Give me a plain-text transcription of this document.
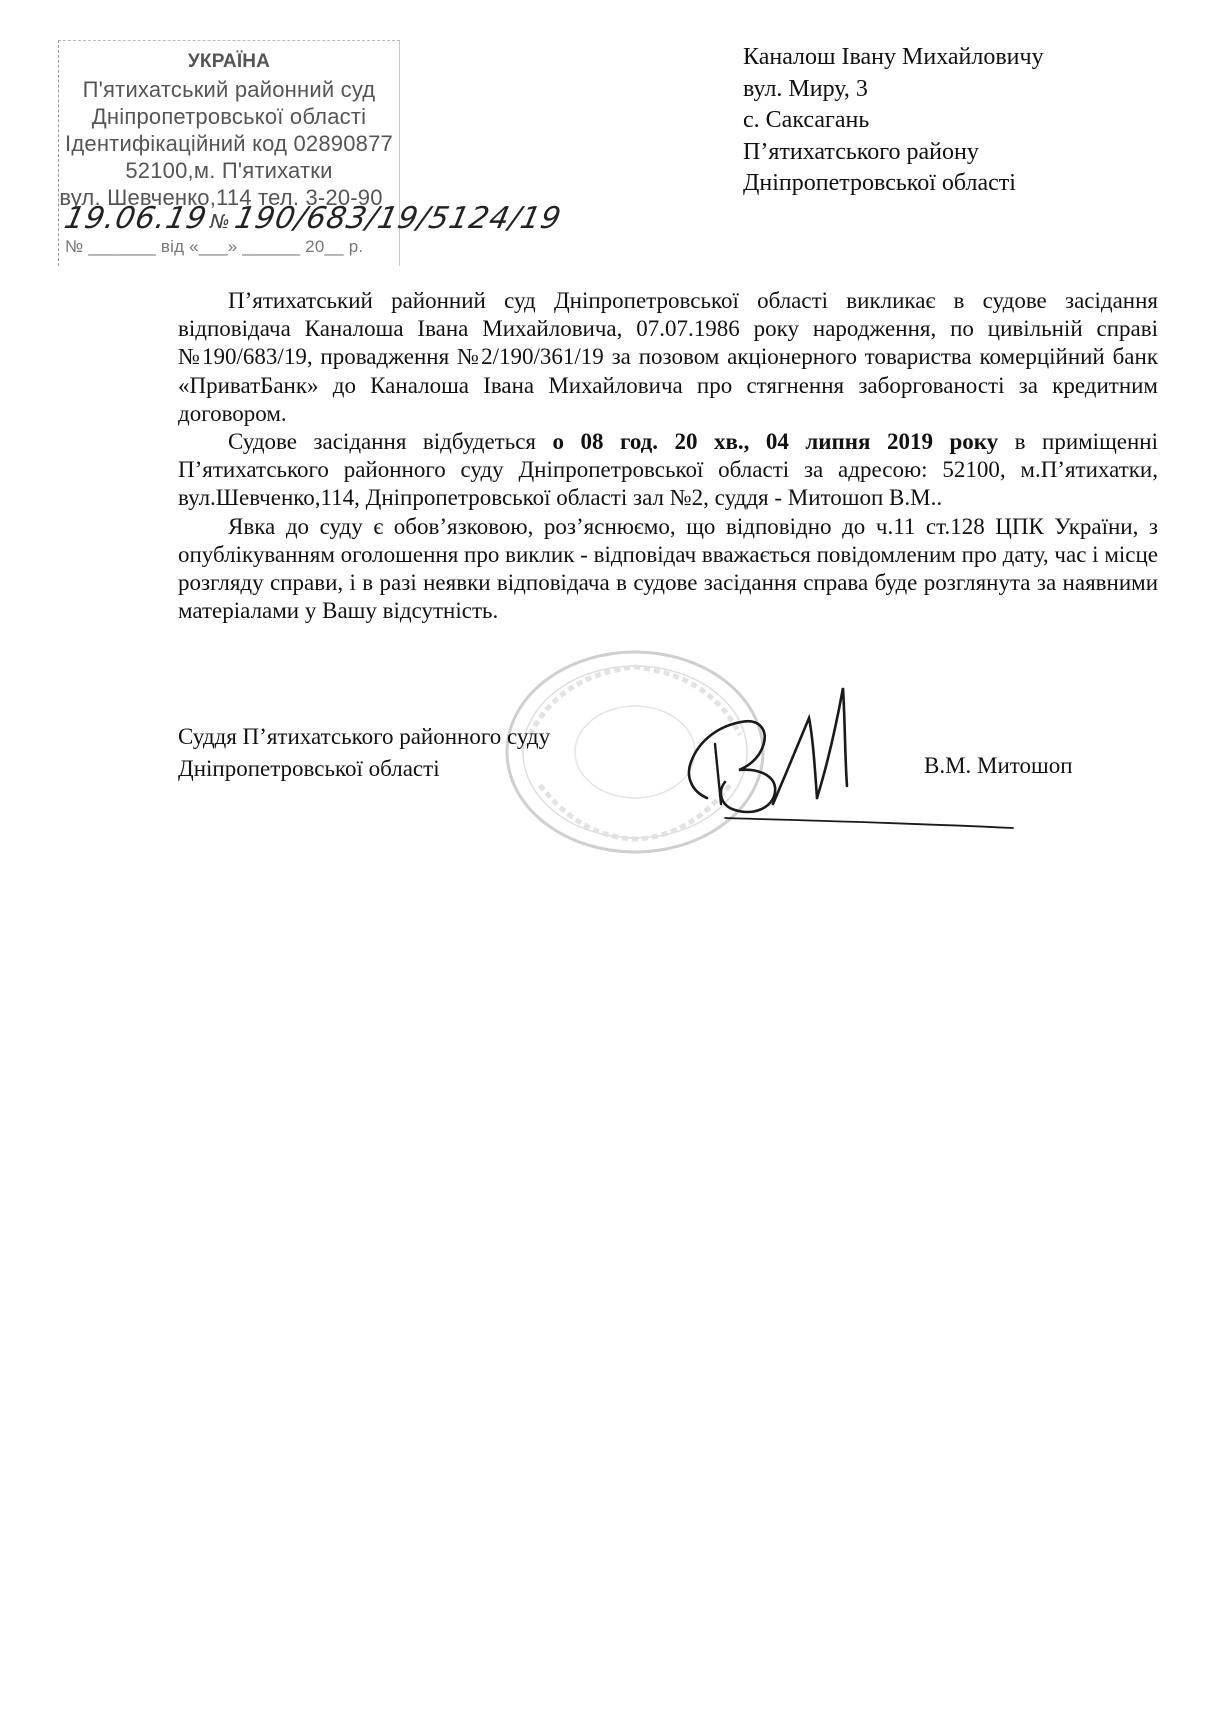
УКРАЇНА
П'ятихатський районний суд
Дніпропетровської області
Ідентифікаційний код 02890877
52100,м. П'ятихатки
вул. Шевченко,114 тел. 3-20-90
19.06.19№190/683/19/5124/19
№ _______ від «___» ______ 20__ р.
Каналош Івану Михайловичу
вул. Миру, 3
с. Саксагань
П’ятихатського району
Дніпропетровської області

П’ятихатський районний суд Дніпропетровської області викликає в судове засідання відповідача Каналоша Івана Михайловича, 07.07.1986 року народження, по цивільній справі №190/683/19, провадження №2/190/361/19 за позовом акціонерного товариства комерційний банк «ПриватБанк» до Каналоша Івана Михайловича про стягнення заборгованості за кредитним договором.

Судове засідання відбудеться о 08 год. 20 хв., 04 липня 2019 року в приміщенні П’ятихатського районного суду Дніпропетровської області за адресою: 52100, м.П’ятихатки, вул.Шевченко,114, Дніпропетровської області зал №2, суддя - Митошоп В.М..

Явка до суду є обов’язковою, роз’яснюємо, що відповідно до ч.11 ст.128 ЦПК України, з опублікуванням оголошення про виклик - відповідач вважається повідомленим про дату, час і місце розгляду справи, і в разі неявки відповідача в судове засідання справа буде розглянута за наявними матеріалами у Вашу відсутність.

Суддя П’ятихатського районного суду
Дніпропетровської області	В.М. Митошоп
